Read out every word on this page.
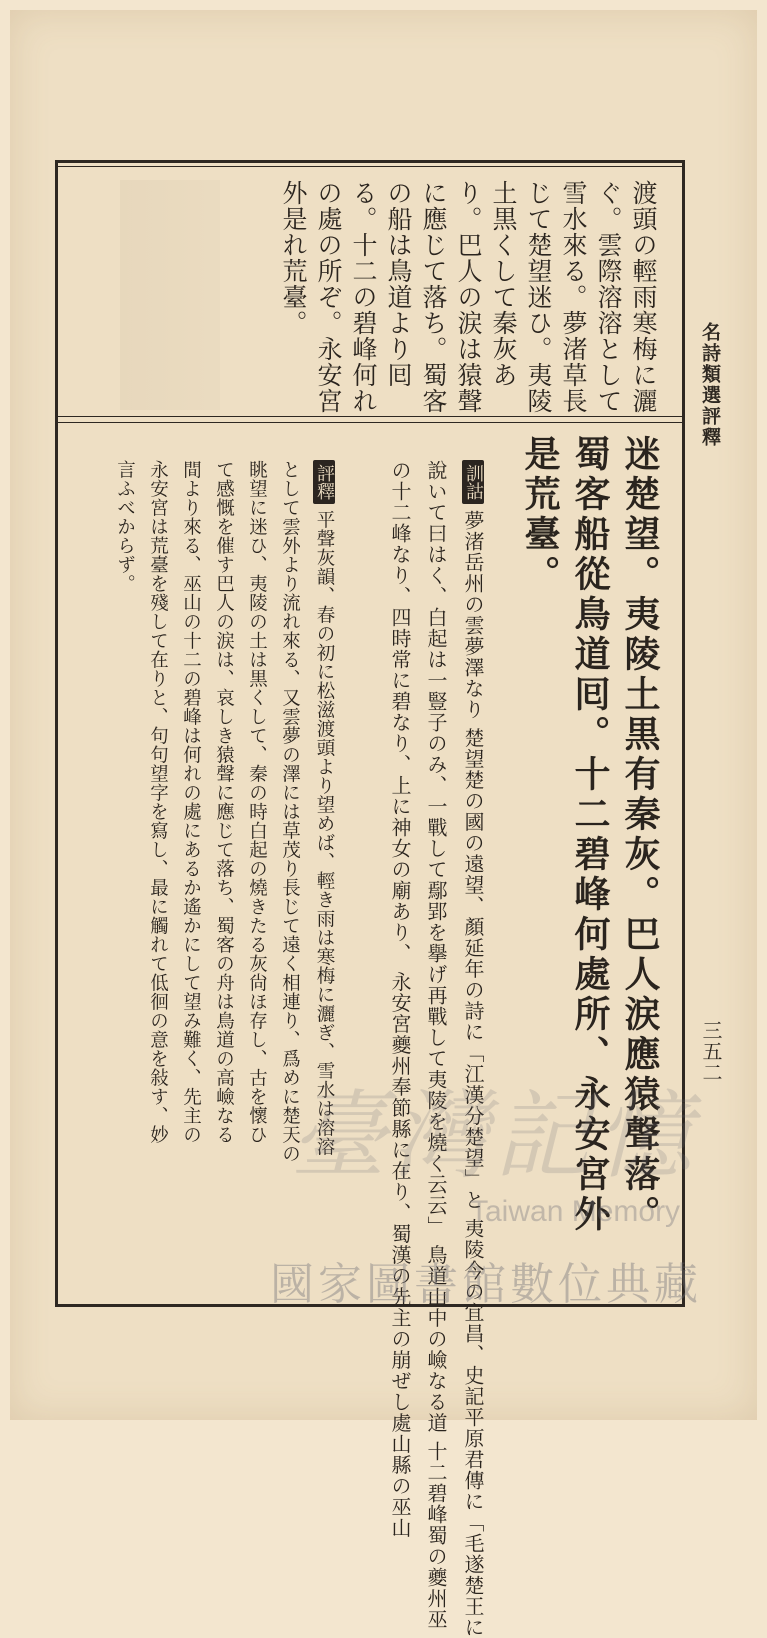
名詩類選評釋
三五二
渡頭の輕雨寒梅に灑
ぐ。雲際溶溶として
雪水來る。夢渚草長
じて楚望迷ひ。夷陵
土黒くして秦灰あ
り。巴人の涙は猿聲
に應じて落ち。蜀客
の船は鳥道より囘
る。十二の碧峰何れ
の處の所ぞ。永安宮
外是れ荒臺。
迷楚望。夷陵土黒有秦灰。巴人涙應猿聲落。
蜀客船從鳥道囘。十二碧峰何處所、永安宮外
是荒臺。
訓詁夢渚岳州の雲夢澤なり 楚望楚の國の遠望、顏延年の詩に「江漢分楚望」と 夷陵今の宜昌、史記平原君傳に「毛遂楚王に
說いて曰はく、白起は一豎子のみ、一戰して鄢郢を擧げ再戰して夷陵を燒く云云」 鳥道山中の嶮なる道 十二碧峰蜀の夔州巫
の十二峰なり、四時常に碧なり、上に神女の廟あり、 永安宮夔州奉節縣に在り、蜀漢の先主の崩ぜし處山縣の巫山
評釋平聲灰韻、春の初に松滋渡頭より望めば、輕き雨は寒梅に灑ぎ、雪水は溶溶
として雲外より流れ來る、又雲夢の澤には草茂り長じて遠く相連り、爲めに楚天の
眺望に迷ひ、夷陵の土は黒くして、秦の時白起の燒きたる灰尙ほ存し、古を懷ひ
て感慨を催す巴人の涙は、哀しき猿聲に應じて落ち、蜀客の舟は鳥道の高嶮なる
間より來る、巫山の十二の碧峰は何れの處にあるか遙かにして望み難く、先主の
永安宮は荒臺を殘して在りと、句句望字を寫し、最に觸れて低徊の意を敍す、妙
言ふべからず。
臺灣記憶
Taiwan Memory
國家圖書館數位典藏
